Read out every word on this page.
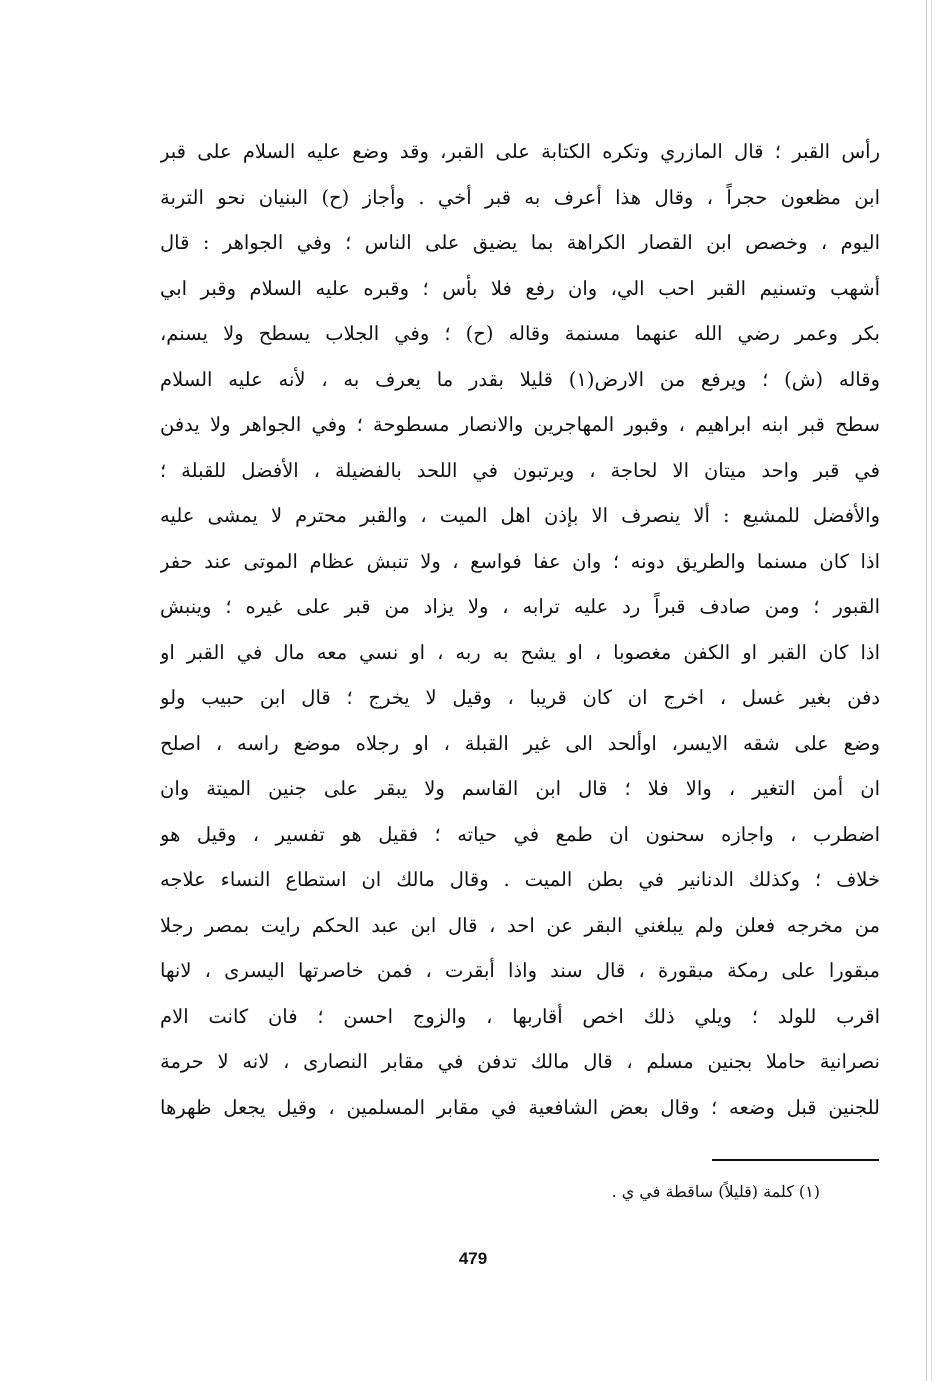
رأس القبر ؛ قال المازري وتكره الكتابة على القبر، وقد وضع عليه السلام على قبر
ابن مظعون حجراً ، وقال هذا أعرف به قبر أخي . وأجاز (ح) البنيان نحو التربة
اليوم ، وخصص ابن القصار الكراهة بما يضيق على الناس ؛ وفي الجواهر : قال
أشهب وتسنيم القبر احب الي، وان رفع فلا بأس ؛ وقبره عليه السلام وقبر ابي
بكر وعمر رضي الله عنهما مسنمة وقاله (ح) ؛ وفي الجلاب يسطح ولا يسنم،
وقاله (ش) ؛ ويرفع من الارض(١) قليلا بقدر ما يعرف به ، لأنه عليه السلام
سطح قبر ابنه ابراهيم ، وقبور المهاجرين والانصار مسطوحة ؛ وفي الجواهر ولا يدفن
في قبر واحد ميتان الا لحاجة ، ويرتبون في اللحد بالفضيلة ، الأفضل للقبلة ؛
والأفضل للمشيع : ألا ينصرف الا بإذن اهل الميت ، والقبر محترم لا يمشى عليه
اذا كان مسنما والطريق دونه ؛ وان عفا فواسع ، ولا تنبش عظام الموتى عند حفر
القبور ؛ ومن صادف قبراً رد عليه ترابه ، ولا يزاد من قبر على غيره ؛ وينبش
اذا كان القبر او الكفن مغصوبا ، او يشح به ربه ، او نسي معه مال في القبر او
دفن بغير غسل ، اخرج ان كان قريبا ، وقيل لا يخرج ؛ قال ابن حبيب ولو
وضع على شقه الايسر، اوألحد الى غير القبلة ، او رجلاه موضع راسه ، اصلح
ان أمن التغير ، والا فلا ؛ قال ابن القاسم ولا يبقر على جنين الميتة وان
اضطرب ، واجازه سحنون ان طمع في حياته ؛ فقيل هو تفسير ، وقيل هو
خلاف ؛ وكذلك الدنانير في بطن الميت . وقال مالك ان استطاع النساء علاجه
من مخرجه فعلن ولم يبلغني البقر عن احد ، قال ابن عبد الحكم رايت بمصر رجلا
مبقورا على رمكة مبقورة ، قال سند واذا أبقرت ، فمن خاصرتها اليسرى ، لانها
اقرب للولد ؛ ويلي ذلك اخص أقاربها ، والزوج احسن ؛ فان كانت الام
نصرانية حاملا بجنين مسلم ، قال مالك تدفن في مقابر النصارى ، لانه لا حرمة
للجنين قبل وضعه ؛ وقال بعض الشافعية في مقابر المسلمين ، وقيل يجعل ظهرها
(١) كلمة (قليلاً) ساقطة في ي .
479
